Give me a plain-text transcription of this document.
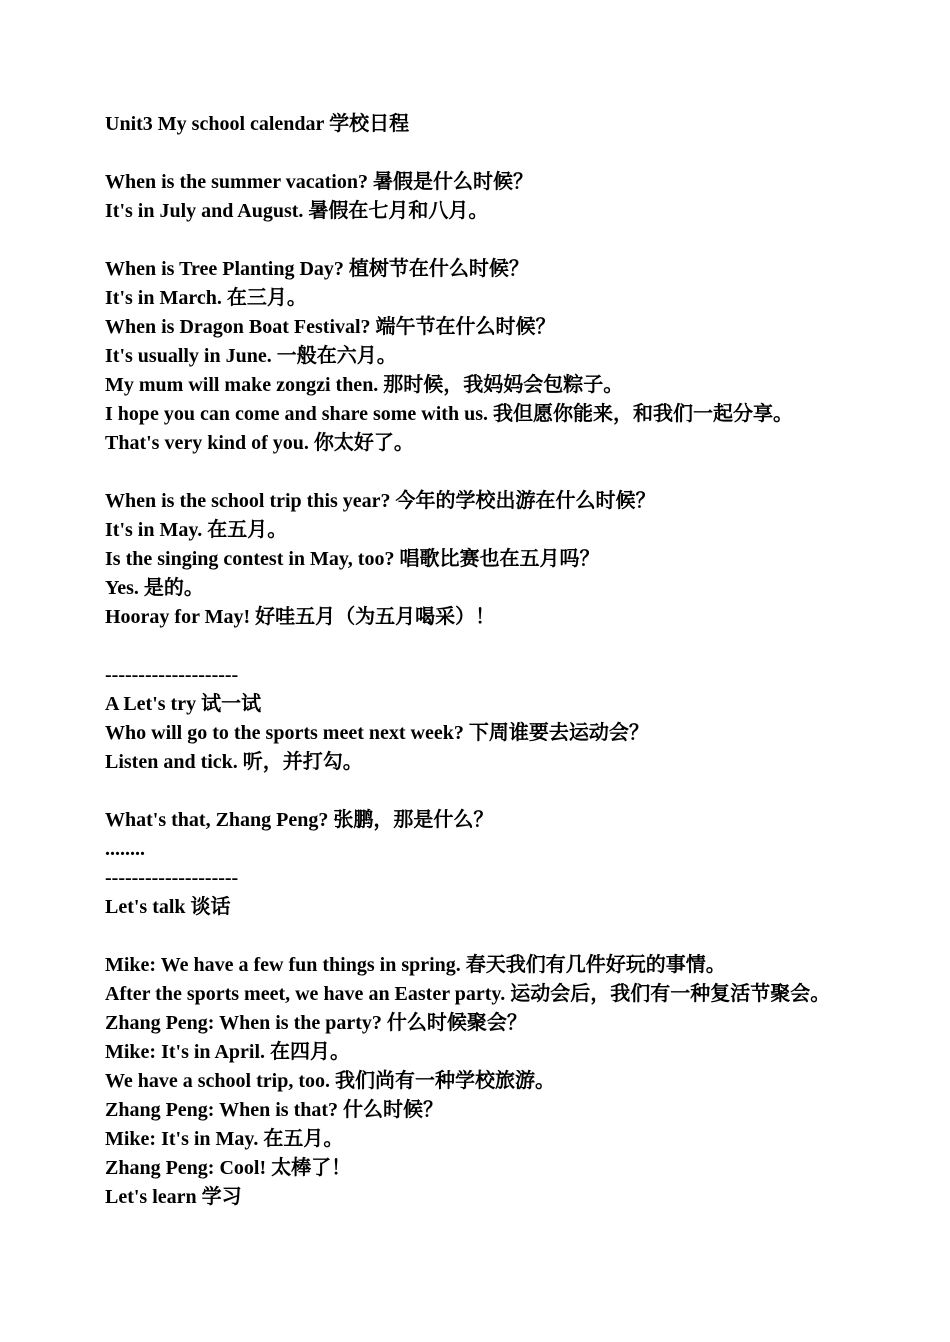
Unit3 My school calendar 学校日程
When is the summer vacation? 暑假是什么时候？
It's in July and August. 暑假在七月和八月。
When is Tree Planting Day? 植树节在什么时候？
It's in March. 在三月。
When is Dragon Boat Festival? 端午节在什么时候？
It's usually in June. 一般在六月。
My mum will make zongzi then. 那时候，我妈妈会包粽子。
I hope you can come and share some with us. 我但愿你能来，和我们一起分享。
That's very kind of you. 你太好了。
When is the school trip this year? 今年的学校出游在什么时候？
It's in May. 在五月。
Is the singing contest in May, too? 唱歌比赛也在五月吗？
Yes. 是的。
Hooray for May! 好哇五月（为五月喝采）！
--------------------
A Let's try 试一试
Who will go to the sports meet next week? 下周谁要去运动会？
Listen and tick. 听，并打勾。
What's that, Zhang Peng? 张鹏，那是什么？
........
--------------------
Let's talk 谈话
Mike: We have a few fun things in spring. 春天我们有几件好玩的事情。
After the sports meet, we have an Easter party. 运动会后，我们有一种复活节聚会。
Zhang Peng: When is the party? 什么时候聚会？
Mike: It's in April. 在四月。
We have a school trip, too. 我们尚有一种学校旅游。
Zhang Peng: When is that? 什么时候？
Mike: It's in May. 在五月。
Zhang Peng: Cool! 太棒了！
Let's learn 学习
